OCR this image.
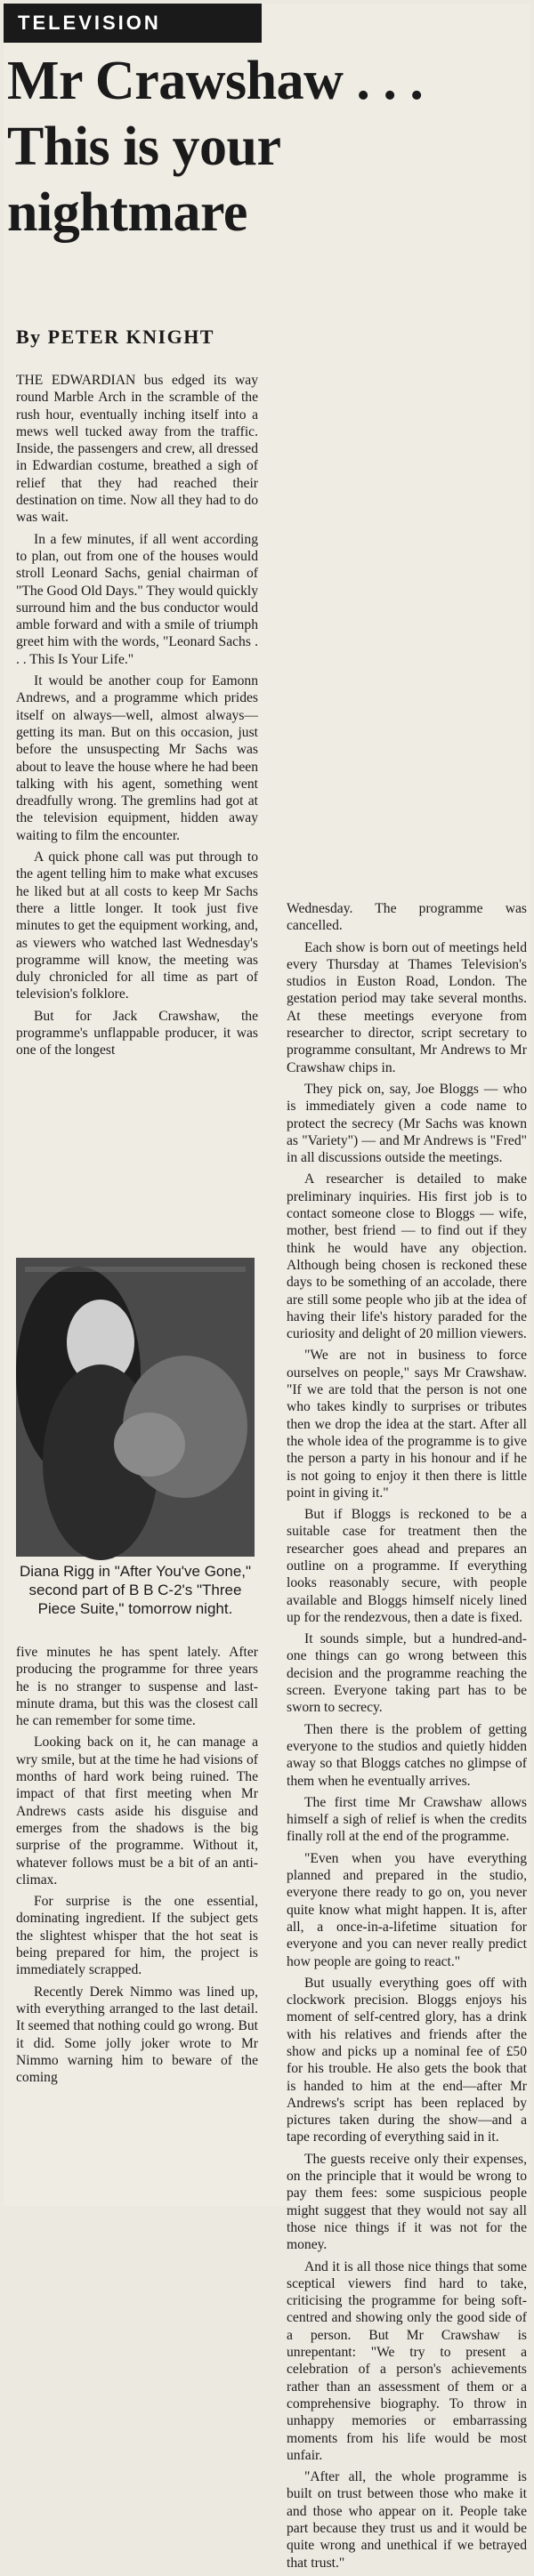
TELEVISION
Mr Crawshaw . . .
This is your
nightmare

By PETER KNIGHT

THE EDWARDIAN bus edged its way round Marble Arch in the scramble of the rush hour, eventually inching itself into a mews well tucked away from the traffic. Inside, the passengers and crew, all dressed in Edwardian costume, breathed a sigh of relief that they had reached their destination on time. Now all they had to do was wait.

In a few minutes, if all went according to plan, out from one of the houses would stroll Leonard Sachs, genial chairman of "The Good Old Days." They would quickly surround him and the bus conductor would amble forward and with a smile of triumph greet him with the words, "Leonard Sachs . . . This Is Your Life."

It would be another coup for Eamonn Andrews, and a programme which prides itself on always—well, almost always—getting its man. But on this occasion, just before the unsuspecting Mr Sachs was about to leave the house where he had been talking with his agent, something went dreadfully wrong. The gremlins had got at the television equipment, hidden away waiting to film the encounter.

A quick phone call was put through to the agent telling him to make what excuses he liked but at all costs to keep Mr Sachs there a little longer. It took just five minutes to get the equipment working, and, as viewers who watched last Wednesday's programme will know, the meeting was duly chronicled for all time as part of television's folklore.

But for Jack Crawshaw, the programme's unflappable producer, it was one of the longest

Diana Rigg in "After You've Gone," second part of B B C-2's "Three Piece Suite," tomorrow night.

five minutes he has spent lately. After producing the programme for three years he is no stranger to suspense and last-minute drama, but this was the closest call he can remember for some time.

Looking back on it, he can manage a wry smile, but at the time he had visions of months of hard work being ruined. The impact of that first meeting when Mr Andrews casts aside his disguise and emerges from the shadows is the big surprise of the programme. Without it, whatever follows must be a bit of an anti-climax.

For surprise is the one essential, dominating ingredient. If the subject gets the slightest whisper that the hot seat is being prepared for him, the project is immediately scrapped.

Recently Derek Nimmo was lined up, with everything arranged to the last detail. It seemed that nothing could go wrong. But it did. Some jolly joker wrote to Mr Nimmo warning him to beware of the coming

Wednesday. The programme was cancelled.

Each show is born out of meetings held every Thursday at Thames Television's studios in Euston Road, London. The gestation period may take several months. At these meetings everyone from researcher to director, script secretary to programme consultant, Mr Andrews to Mr Crawshaw chips in.

They pick on, say, Joe Bloggs — who is immediately given a code name to protect the secrecy (Mr Sachs was known as "Variety") — and Mr Andrews is "Fred" in all discussions outside the meetings.

A researcher is detailed to make preliminary inquiries. His first job is to contact someone close to Bloggs — wife, mother, best friend — to find out if they think he would have any objection. Although being chosen is reckoned these days to be something of an accolade, there are still some people who jib at the idea of having their life's history paraded for the curiosity and delight of 20 million viewers.

"We are not in business to force ourselves on people," says Mr Crawshaw. "If we are told that the person is not one who takes kindly to surprises or tributes then we drop the idea at the start. After all the whole idea of the programme is to give the person a party in his honour and if he is not going to enjoy it then there is little point in giving it."

But if Bloggs is reckoned to be a suitable case for treatment then the researcher goes ahead and prepares an outline on a programme. If everything looks reasonably secure, with people available and Bloggs himself nicely lined up for the rendezvous, then a date is fixed.

It sounds simple, but a hundred-and-one things can go wrong between this decision and the programme reaching the screen. Everyone taking part has to be sworn to secrecy.

Then there is the problem of getting everyone to the studios and quietly hidden away so that Bloggs catches no glimpse of them when he eventually arrives.

The first time Mr Crawshaw allows himself a sigh of relief is when the credits finally roll at the end of the programme.

"Even when you have everything planned and prepared in the studio, everyone there ready to go on, you never quite know what might happen. It is, after all, a once-in-a-lifetime situation for everyone and you can never really predict how people are going to react."

But usually everything goes off with clockwork precision. Bloggs enjoys his moment of self-centred glory, has a drink with his relatives and friends after the show and picks up a nominal fee of £50 for his trouble. He also gets the book that is handed to him at the end—after Mr Andrews's script has been replaced by pictures taken during the show—and a tape recording of everything said in it.

The guests receive only their expenses, on the principle that it would be wrong to pay them fees: some suspicious people might suggest that they would not say all those nice things if it was not for the money.

And it is all those nice things that some sceptical viewers find hard to take, criticising the programme for being soft-centred and showing only the good side of a person. But Mr Crawshaw is unrepentant: "We try to present a celebration of a person's achievements rather than an assessment of them or a comprehensive biography. To throw in unhappy memories or embarrassing moments from his life would be most unfair.

"After all, the whole programme is built on trust between those who make it and those who appear on it. People take part because they trust us and it would be quite wrong and unethical if we betrayed that trust."
